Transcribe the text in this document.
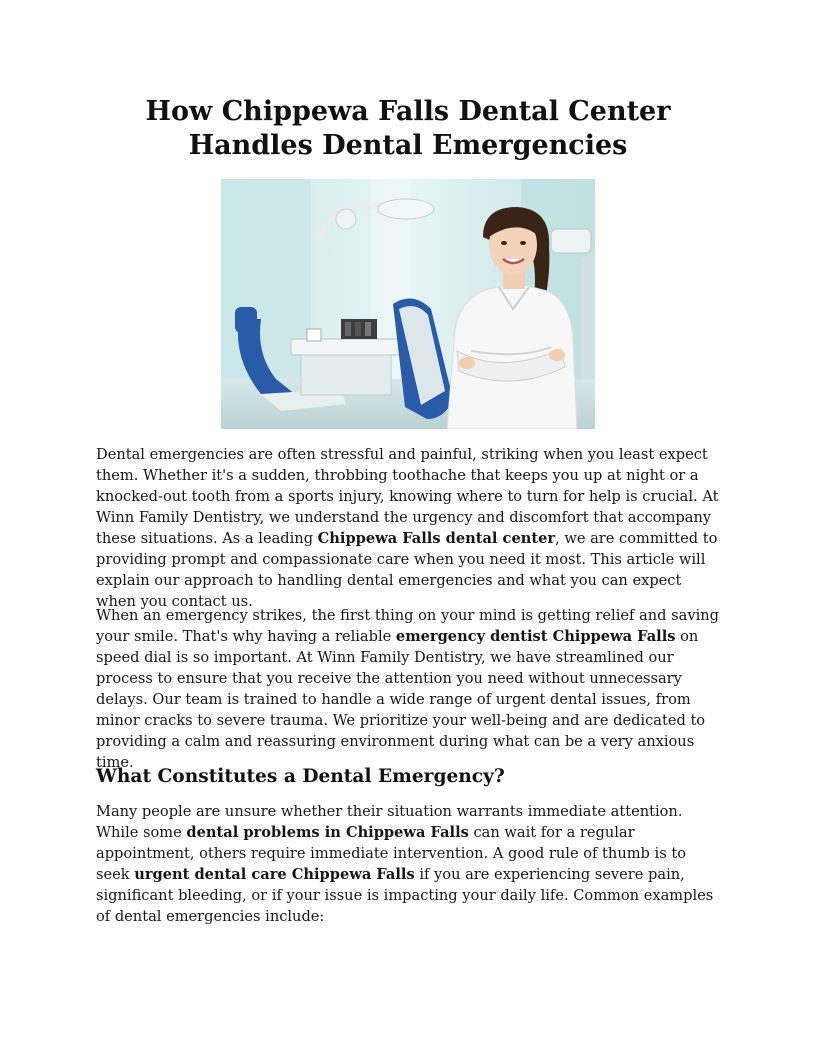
How Chippewa Falls Dental Center Handles Dental Emergencies

Dental emergencies are often stressful and painful, striking when you least expect them. Whether it's a sudden, throbbing toothache that keeps you up at night or a knocked-out tooth from a sports injury, knowing where to turn for help is crucial. At Winn Family Dentistry, we understand the urgency and discomfort that accompany these situations. As a leading Chippewa Falls dental center, we are committed to providing prompt and compassionate care when you need it most. This article will explain our approach to handling dental emergencies and what you can expect when you contact us.

When an emergency strikes, the first thing on your mind is getting relief and saving your smile. That's why having a reliable emergency dentist Chippewa Falls on speed dial is so important. At Winn Family Dentistry, we have streamlined our process to ensure that you receive the attention you need without unnecessary delays. Our team is trained to handle a wide range of urgent dental issues, from minor cracks to severe trauma. We prioritize your well-being and are dedicated to providing a calm and reassuring environment during what can be a very anxious time.

What Constitutes a Dental Emergency?

Many people are unsure whether their situation warrants immediate attention. While some dental problems in Chippewa Falls can wait for a regular appointment, others require immediate intervention. A good rule of thumb is to seek urgent dental care Chippewa Falls if you are experiencing severe pain, significant bleeding, or if your issue is impacting your daily life. Common examples of dental emergencies include:
